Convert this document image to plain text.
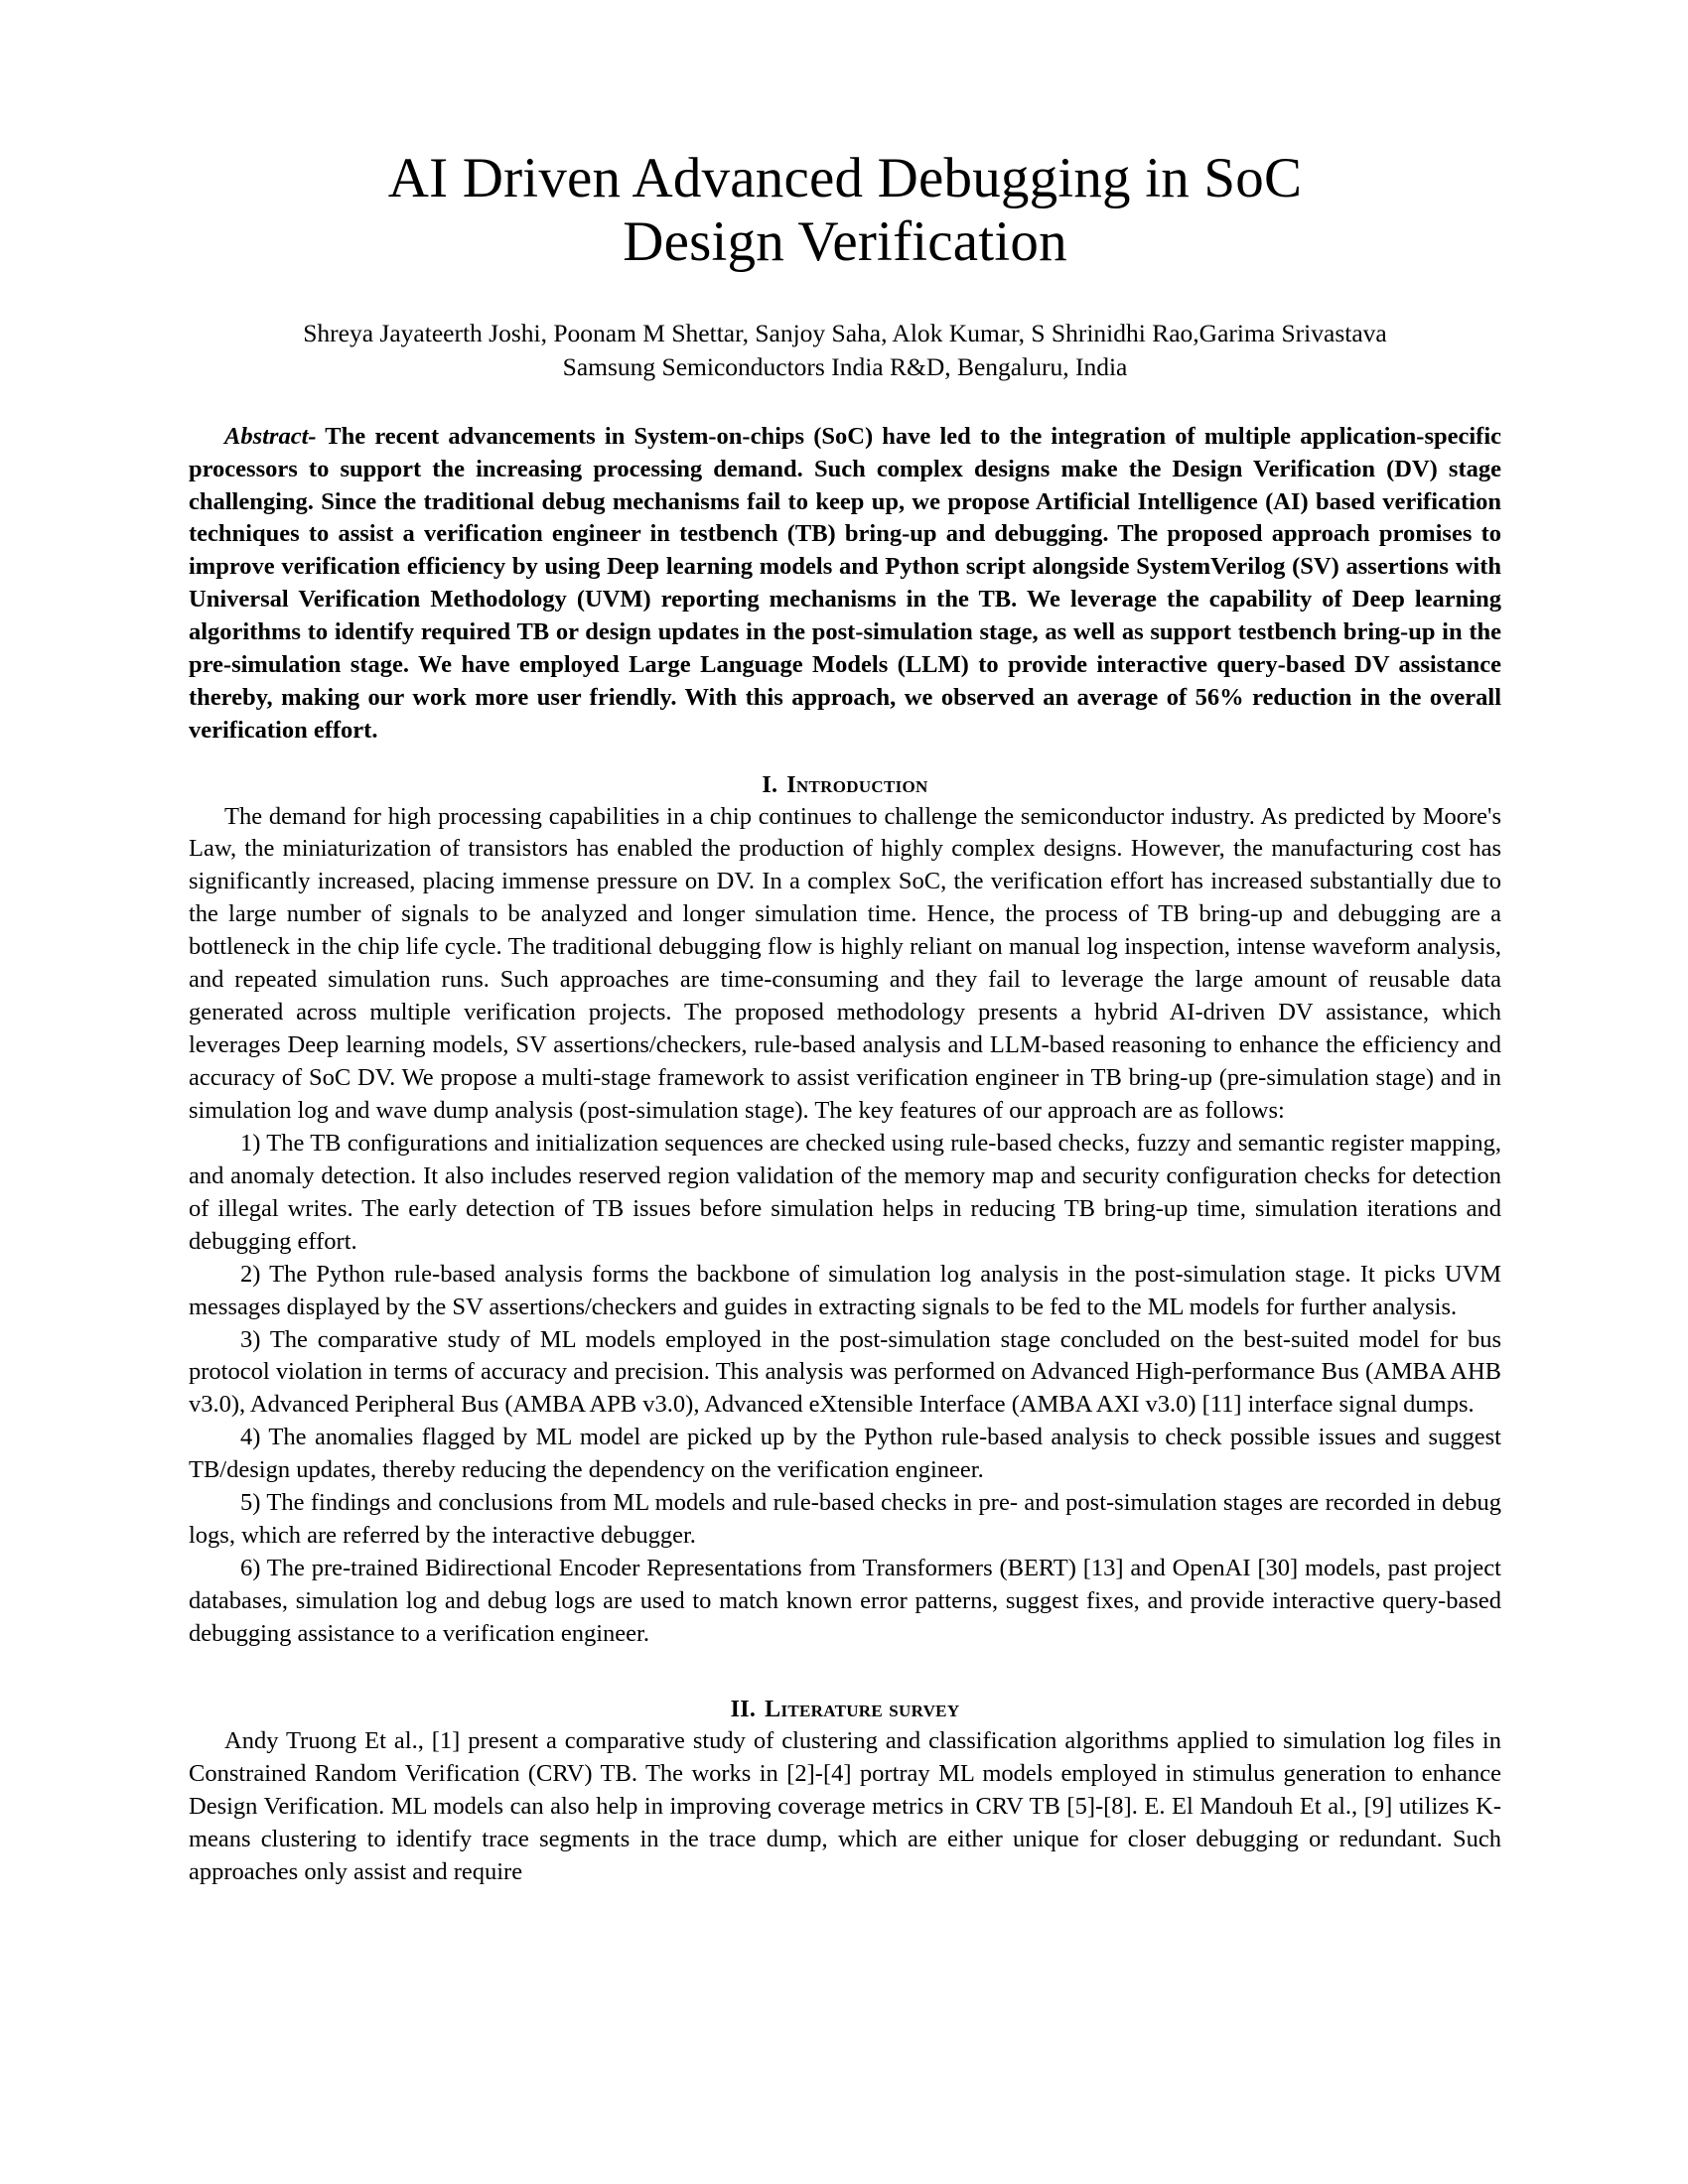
AI Driven Advanced Debugging in SoC Design Verification

Shreya Jayateerth Joshi, Poonam M Shettar, Sanjoy Saha, Alok Kumar, S Shrinidhi Rao,Garima Srivastava

Samsung Semiconductors India R&D, Bengaluru, India

Abstract- The recent advancements in System-on-chips (SoC) have led to the integration of multiple application-specific processors to support the increasing processing demand. Such complex designs make the Design Verification (DV) stage challenging. Since the traditional debug mechanisms fail to keep up, we propose Artificial Intelligence (AI) based verification techniques to assist a verification engineer in testbench (TB) bring-up and debugging. The proposed approach promises to improve verification efficiency by using Deep learning models and Python script alongside SystemVerilog (SV) assertions with Universal Verification Methodology (UVM) reporting mechanisms in the TB. We leverage the capability of Deep learning algorithms to identify required TB or design updates in the post-simulation stage, as well as support testbench bring-up in the pre-simulation stage. We have employed Large Language Models (LLM) to provide interactive query-based DV assistance thereby, making our work more user friendly. With this approach, we observed an average of 56% reduction in the overall verification effort.

I. Introduction

The demand for high processing capabilities in a chip continues to challenge the semiconductor industry. As predicted by Moore's Law, the miniaturization of transistors has enabled the production of highly complex designs. However, the manufacturing cost has significantly increased, placing immense pressure on DV. In a complex SoC, the verification effort has increased substantially due to the large number of signals to be analyzed and longer simulation time. Hence, the process of TB bring-up and debugging are a bottleneck in the chip life cycle. The traditional debugging flow is highly reliant on manual log inspection, intense waveform analysis, and repeated simulation runs. Such approaches are time-consuming and they fail to leverage the large amount of reusable data generated across multiple verification projects. The proposed methodology presents a hybrid AI-driven DV assistance, which leverages Deep learning models, SV assertions/checkers, rule-based analysis and LLM-based reasoning to enhance the efficiency and accuracy of SoC DV. We propose a multi-stage framework to assist verification engineer in TB bring-up (pre-simulation stage) and in simulation log and wave dump analysis (post-simulation stage). The key features of our approach are as follows:

1) The TB configurations and initialization sequences are checked using rule-based checks, fuzzy and semantic register mapping, and anomaly detection. It also includes reserved region validation of the memory map and security configuration checks for detection of illegal writes. The early detection of TB issues before simulation helps in reducing TB bring-up time, simulation iterations and debugging effort.

2) The Python rule-based analysis forms the backbone of simulation log analysis in the post-simulation stage. It picks UVM messages displayed by the SV assertions/checkers and guides in extracting signals to be fed to the ML models for further analysis.

3) The comparative study of ML models employed in the post-simulation stage concluded on the best-suited model for bus protocol violation in terms of accuracy and precision. This analysis was performed on Advanced High-performance Bus (AMBA AHB v3.0), Advanced Peripheral Bus (AMBA APB v3.0), Advanced eXtensible Interface (AMBA AXI v3.0) [11] interface signal dumps.

4) The anomalies flagged by ML model are picked up by the Python rule-based analysis to check possible issues and suggest TB/design updates, thereby reducing the dependency on the verification engineer.

5) The findings and conclusions from ML models and rule-based checks in pre- and post-simulation stages are recorded in debug logs, which are referred by the interactive debugger.

6) The pre-trained Bidirectional Encoder Representations from Transformers (BERT) [13] and OpenAI [30] models, past project databases, simulation log and debug logs are used to match known error patterns, suggest fixes, and provide interactive query-based debugging assistance to a verification engineer.

II. Literature survey

Andy Truong Et al., [1] present a comparative study of clustering and classification algorithms applied to simulation log files in Constrained Random Verification (CRV) TB. The works in [2]-[4] portray ML models employed in stimulus generation to enhance Design Verification. ML models can also help in improving coverage metrics in CRV TB [5]-[8]. E. El Mandouh Et al., [9] utilizes K-means clustering to identify trace segments in the trace dump, which are either unique for closer debugging or redundant. Such approaches only assist and require
